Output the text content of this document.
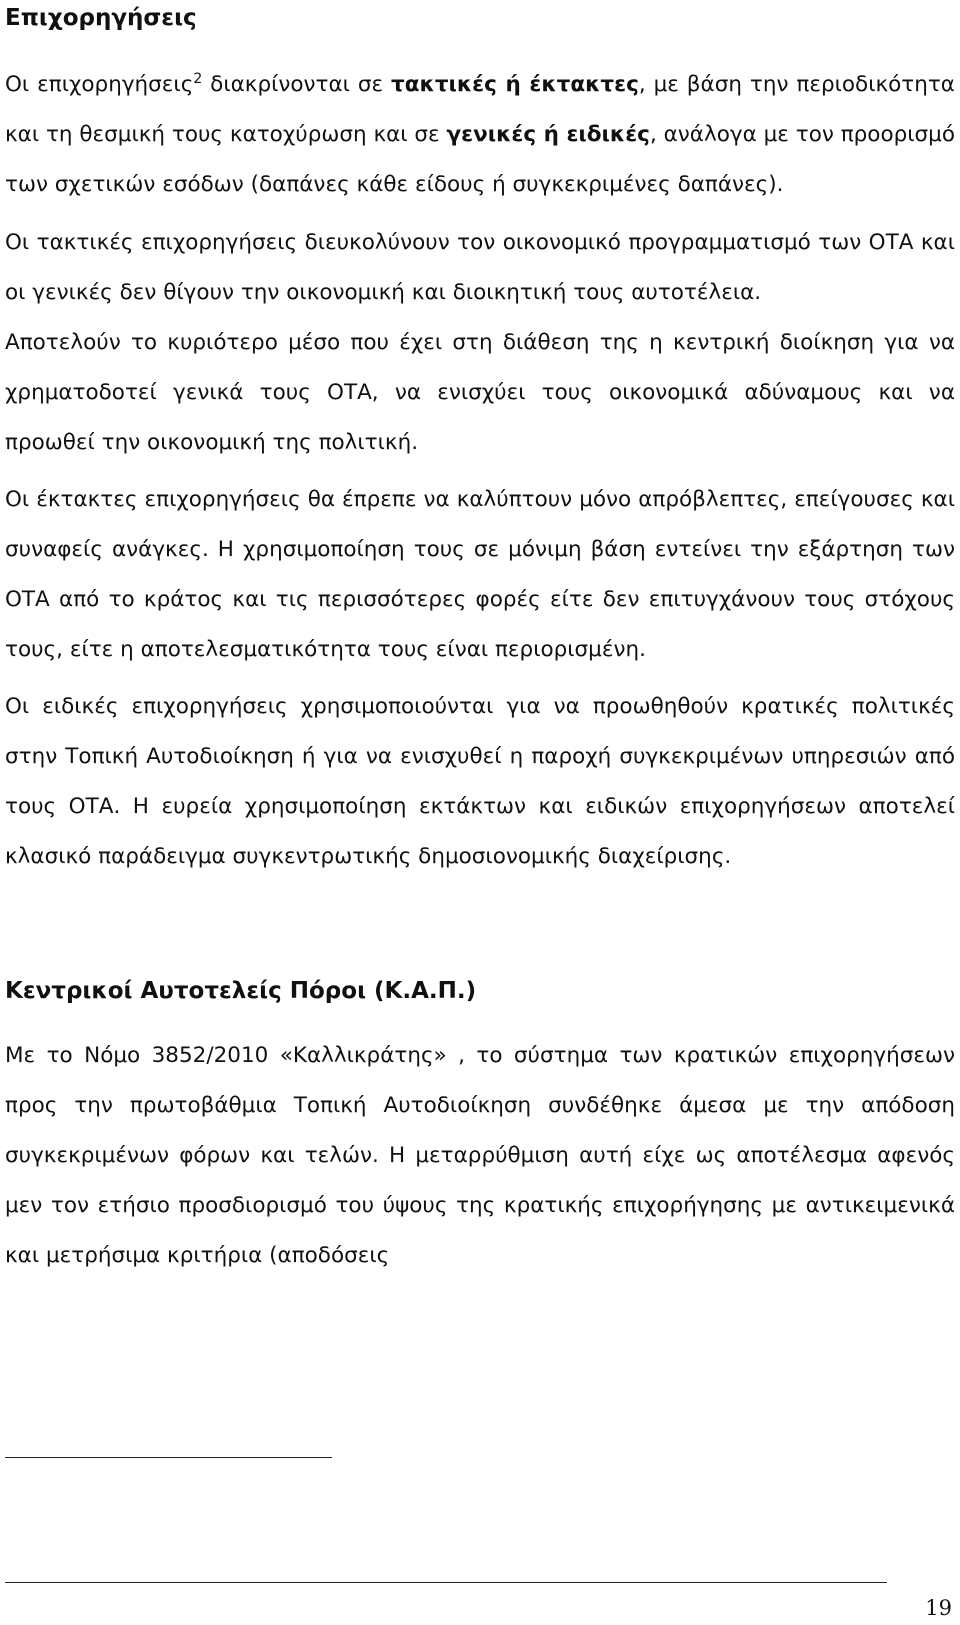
Επιχορηγήσεις

Οι επιχορηγήσεις$^2$ διακρίνονται σε τακτικές ή έκτακτες, με βάση την περιοδικότητα και τη θεσμική τους κατοχύρωση και σε γενικές ή ειδικές, ανάλογα με τον προορισμό των σχετικών εσόδων (δαπάνες κάθε είδους ή συγκεκριμένες δαπάνες).

Οι τακτικές επιχορηγήσεις διευκολύνουν τον οικονομικό προγραμματισμό των ΟΤΑ και οι γενικές δεν θίγουν την οικονομική και διοικητική τους αυτοτέλεια.

Αποτελούν το κυριότερο μέσο που έχει στη διάθεση της η κεντρική διοίκηση για να χρηματοδοτεί γενικά τους ΟΤΑ, να ενισχύει τους οικονομικά αδύναμους και να προωθεί την οικονομική της πολιτική.

Οι έκτακτες επιχορηγήσεις θα έπρεπε να καλύπτουν μόνο απρόβλεπτες, επείγουσες και συναφείς ανάγκες. Η χρησιμοποίηση τους σε μόνιμη βάση εντείνει την εξάρτηση των ΟΤΑ από το κράτος και τις περισσότερες φορές είτε δεν επιτυγχάνουν τους στόχους τους, είτε η αποτελεσματικότητα τους είναι περιορισμένη.

Οι ειδικές επιχορηγήσεις χρησιμοποιούνται για να προωθηθούν κρατικές πολιτικές στην Τοπική Αυτοδιοίκηση ή για να ενισχυθεί η παροχή συγκεκριμένων υπηρεσιών από τους ΟΤΑ. Η ευρεία χρησιμοποίηση εκτάκτων και ειδικών επιχορηγήσεων αποτελεί κλασικό παράδειγμα συγκεντρωτικής δημοσιονομικής διαχείρισης.

Κεντρικοί Αυτοτελείς Πόροι (Κ.Α.Π.)

Με το Νόμο 3852/2010 «Καλλικράτης» , το σύστημα των κρατικών επιχορηγήσεων προς την πρωτοβάθμια Τοπική Αυτοδιοίκηση συνδέθηκε άμεσα με την απόδοση συγκεκριμένων φόρων και τελών. Η μεταρρύθμιση αυτή είχε ως αποτέλεσμα αφενός μεν τον ετήσιο προσδιορισμό του ύψους της κρατικής επιχορήγησης με αντικειμενικά και μετρήσιμα κριτήρια (αποδόσεις

19
